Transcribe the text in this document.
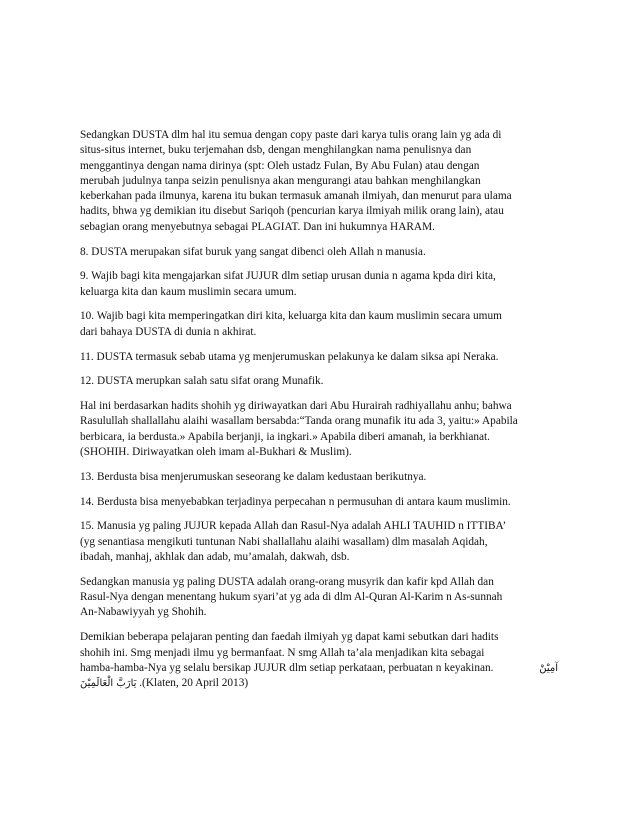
Sedangkan DUSTA dlm hal itu semua dengan copy paste dari karya tulis orang lain yg ada di
situs-situs internet, buku terjemahan dsb, dengan menghilangkan nama penulisnya dan
menggantinya dengan nama dirinya (spt: Oleh ustadz Fulan, By Abu Fulan) atau dengan
merubah judulnya tanpa seizin penulisnya akan mengurangi atau bahkan menghilangkan
keberkahan pada ilmunya, karena itu bukan termasuk amanah ilmiyah, dan menurut para ulama
hadits, bhwa yg demikian itu disebut Sariqoh (pencurian karya ilmiyah milik orang lain), atau
sebagian orang menyebutnya sebagai PLAGIAT. Dan ini hukumnya HARAM.

8. DUSTA merupakan sifat buruk yang sangat dibenci oleh Allah n manusia.

9. Wajib bagi kita mengajarkan sifat JUJUR dlm setiap urusan dunia n agama kpda diri kita,
keluarga kita dan kaum muslimin secara umum.

10. Wajib bagi kita memperingatkan diri kita, keluarga kita dan kaum muslimin secara umum
dari bahaya DUSTA di dunia n akhirat.

11. DUSTA termasuk sebab utama yg menjerumuskan pelakunya ke dalam siksa api Neraka.

12. DUSTA merupkan salah satu sifat orang Munafik.

Hal ini berdasarkan hadits shohih yg diriwayatkan dari Abu Hurairah radhiyallahu anhu; bahwa
Rasulullah shallallahu alaihi wasallam bersabda:“Tanda orang munafik itu ada 3, yaitu:» Apabila
berbicara, ia berdusta.» Apabila berjanji, ia ingkari.» Apabila diberi amanah, ia berkhianat.
(SHOHIH. Diriwayatkan oleh imam al-Bukhari & Muslim).

13. Berdusta bisa menjerumuskan seseorang ke dalam kedustaan berikutnya.

14. Berdusta bisa menyebabkan terjadinya perpecahan n permusuhan di antara kaum muslimin.

15. Manusia yg paling JUJUR kepada Allah dan Rasul-Nya adalah AHLI TAUHID n ITTIBA’
(yg senantiasa mengikuti tuntunan Nabi shallallahu alaihi wasallam) dlm masalah Aqidah,
ibadah, manhaj, akhlak dan adab, mu’amalah, dakwah, dsb.

Sedangkan manusia yg paling DUSTA adalah orang-orang musyrik dan kafir kpd Allah dan
Rasul-Nya dengan menentang hukum syari’at yg ada di dlm Al-Quran Al-Karim n As-sunnah
An-Nabawiyyah yg Shohih.

Demikian beberapa pelajaran penting dan faedah ilmiyah yg dapat kami sebutkan dari hadits
shohih ini. Smg menjadi ilmu yg bermanfaat. N smg Allah ta’ala menjadikan kita sebagai
hamba-hamba-Nya yg selalu bersikap JUJUR dlm setiap perkataan, perbuatan n keyakinan.	آمِيْنْ
يَارَبَّ الْعَالَمِيْنَ .(Klaten, 20 April 2013)
